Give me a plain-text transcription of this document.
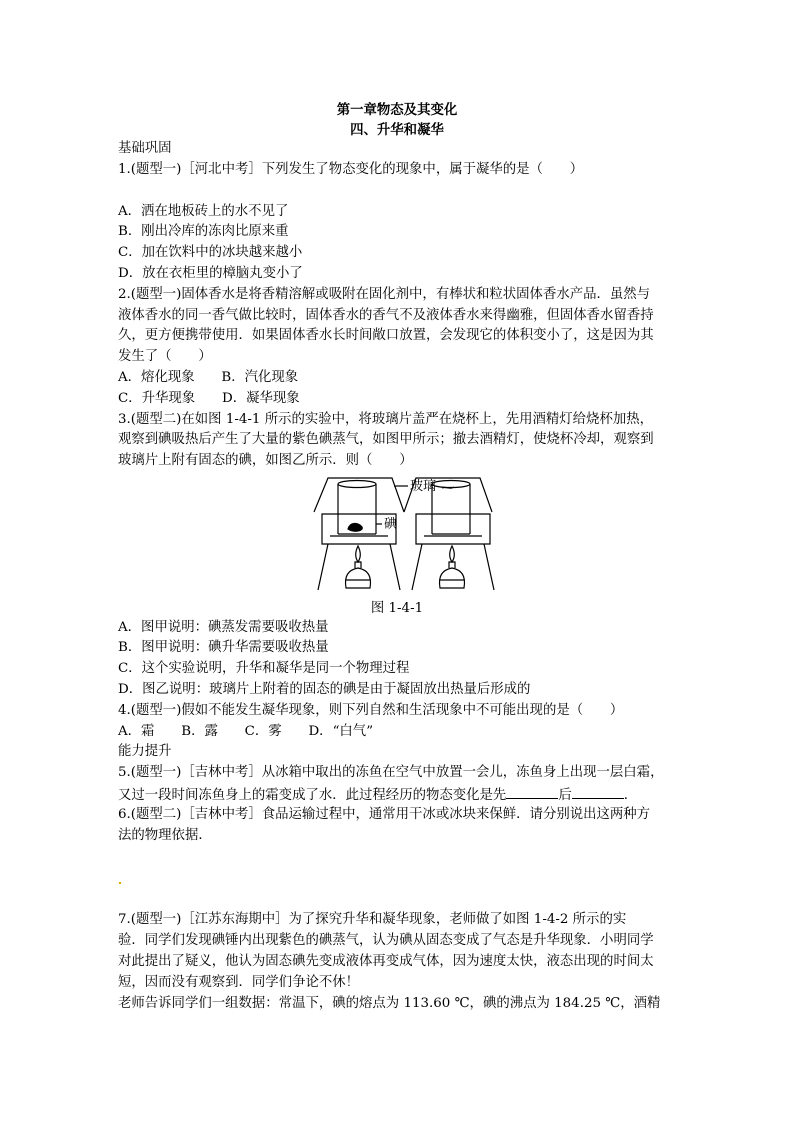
第一章物态及其变化
四、升华和凝华
基础巩固
1.(题型一)［河北中考］下列发生了物态变化的现象中，属于凝华的是（　　）
A．洒在地板砖上的水不见了
B．刚出冷库的冻肉比原来重
C．加在饮料中的冰块越来越小
D．放在衣柜里的樟脑丸变小了
2.(题型一)固体香水是将香精溶解或吸附在固化剂中，有棒状和粒状固体香水产品．虽然与
液体香水的同一香气做比较时，固体香水的香气不及液体香水来得幽雅，但固体香水留香持
久，更方便携带使用．如果固体香水长时间敞口放置，会发现它的体积变小了，这是因为其
发生了（　　）
A．熔化现象　　B．汽化现象
C．升华现象　　D．凝华现象
3.(题型二)在如图 1-4-1 所示的实验中，将玻璃片盖严在烧杯上，先用酒精灯给烧杯加热，
观察到碘吸热后产生了大量的紫色碘蒸气，如图甲所示；撤去酒精灯，使烧杯冷却，观察到
玻璃片上附有固态的碘，如图乙所示．则（　　）
玻璃
碘
图 1-4-1
A．图甲说明：碘蒸发需要吸收热量
B．图甲说明：碘升华需要吸收热量
C．这个实验说明，升华和凝华是同一个物理过程
D．图乙说明：玻璃片上附着的固态的碘是由于凝固放出热量后形成的
4.(题型一)假如不能发生凝华现象，则下列自然和生活现象中不可能出现的是（　　）
A．霜　　B．露　　C．雾　　D．“白气”
能力提升
5.(题型一)［吉林中考］从冰箱中取出的冻鱼在空气中放置一会儿，冻鱼身上出现一层白霜，
又过一段时间冻鱼身上的霜变成了水．此过程经历的物态变化是先	后	．
6.(题型二)［吉林中考］食品运输过程中，通常用干冰或冰块来保鲜．请分别说出这两种方
法的物理依据．
7.(题型一)［江苏东海期中］为了探究升华和凝华现象，老师做了如图 1-4-2 所示的实
验．同学们发现碘锤内出现紫色的碘蒸气，认为碘从固态变成了气态是升华现象．小明同学
对此提出了疑义，他认为固态碘先变成液体再变成气体，因为速度太快，液态出现的时间太
短，因而没有观察到．同学们争论不休！
老师告诉同学们一组数据：常温下，碘的熔点为 113.60 ℃，碘的沸点为 184.25 ℃，酒精
